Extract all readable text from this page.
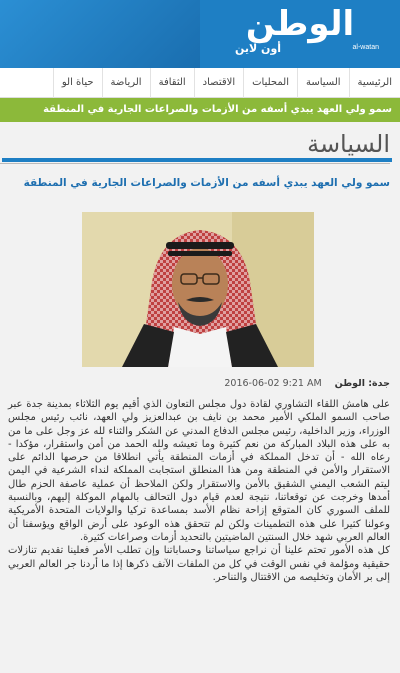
الوطن
أون لاين	al-watan
الرئيسية
السياسة
المحليات
الاقتصاد
الثقافة
الرياضة
حياة الو
سمو ولي العهد يبدي أسفه من الأزمات والصراعات الجارية في المنطقة
السياسة
سمو ولي العهد يبدي أسفه من الأزمات والصراعات الجارية في المنطقة
جدة: الوطن 2016-06-02 9:21 AM

على هامش اللقاء التشاوري لقادة دول مجلس التعاون الذي أقيم يوم الثلاثاء بمدينة جدة عبر صاحب السمو الملكي الأمير محمد بن نايف بن عبدالعزيز ولي العهد، نائب رئيس مجلس الوزراء، وزير الداخلية، رئيس مجلس الدفاع المدني عن الشكر والثناء لله عز وجل على ما من به على هذه البلاد المباركة من نعم كثيرة وما تعيشه ولله الحمد من أمن واستقرار، مؤكدا - رعاه الله - أن تدخل المملكة في أزمات المنطقة يأتي انطلاقا من حرصها الدائم على الاستقرار والأمن في المنطقة ومن هذا المنطلق استجابت المملكة لنداء الشرعية في اليمن ليتم الشعب اليمني الشقيق بالأمن والاستقرار ولكن الملاحظ أن عملية عاصفة الحزم طال أمدها وخرجت عن توقعاتنا، نتيجة لعدم قيام دول التحالف بالمهام الموكلة إليهم، وبالنسبة للملف السوري كان المتوقع إزاحة نظام الأسد بمساعدة تركيا والولايات المتحدة الأمريكية وعولنا كثيرا على هذه التطمينات ولكن لم تتحقق هذه الوعود على أرض الواقع ويؤسفنا أن العالم العربي شهد خلال السنتين الماضيتين بالتحديد أزمات وصراعات كثيرة.

كل هذه الأمور تحتم علينا أن نراجع سياساتنا وحساباتنا وإن تطلب الأمر فعلينا تقديم تنازلات حقيقية ومؤلمة في نفس الوقت في كل من الملفات الآنف ذكرها إذا ما أردنا جر العالم العربي إلى بر الأمان وتخليصه من الاقتتال والتناحر.
